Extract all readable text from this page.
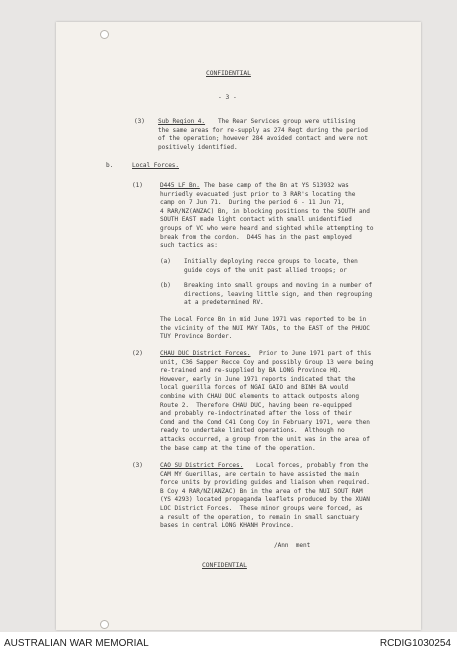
CONFIDENTIAL
- 3 -
(3) Sub Region 4. The Rear Services group were utilising
the same areas for re-supply as 274 Regt during the period
of the operation; however 284 avoided contact and were not
positively identified.
b.	Local Forces.
(1)	D445 LF Bn. The base camp of the Bn at YS 513932 was
hurriedly evacuated just prior to 3 RAR's locating the
camp on 7 Jun 71.  During the period 6 - 11 Jun 71,
4 RAR/NZ(ANZAC) Bn, in blocking positions to the SOUTH and
SOUTH EAST made light contact with small unidentified
groups of VC who were heard and sighted while attempting to
break from the cordon.  D445 has in the past employed
such tactics as:
(a) Initially deploying recce groups to locate, then
guide coys of the unit past allied troops; or
(b) Breaking into small groups and moving in a number of
directions, leaving little sign, and then regrouping
at a predetermined RV.
The Local Force Bn in mid June 1971 was reported to be in
the vicinity of the NUI MAY TAOs, to the EAST of the PHUOC
TUY Province Border.
(2)	CHAU DUC District Forces. Prior to June 1971 part of this
unit, C36 Sapper Recce Coy and possibly Group 13 were being
re-trained and re-supplied by BA LONG Province HQ.
However, early in June 1971 reports indicated that the
local guerilla forces of NGAI GAIO and BINH BA would
combine with CHAU DUC elements to attack outposts along
Route 2.  Therefore CHAU DUC, having been re-equipped
and probably re-indoctrinated after the loss of their
Comd and the Comd C41 Cong Coy in February 1971, were then
ready to undertake limited operations.  Although no
attacks occurred, a group from the unit was in the area of
the base camp at the time of the operation.
(3)	CAO SU District Forces. Local forces, probably from the
CAM MY Guerillas, are certain to have assisted the main
force units by providing guides and liaison when required.
B Coy 4 RAR/NZ(ANZAC) Bn in the area of the NUI SOUT RAM
(YS 4293) located propaganda leaflets produced by the XUAN
LOC District Forces.  These minor groups were forced, as
a result of the operation, to remain in small sanctuary
bases in central LONG KHANH Province.
/Ann  ment
CONFIDENTIAL
AUSTRALIAN WAR MEMORIAL	RCDIG1030254
